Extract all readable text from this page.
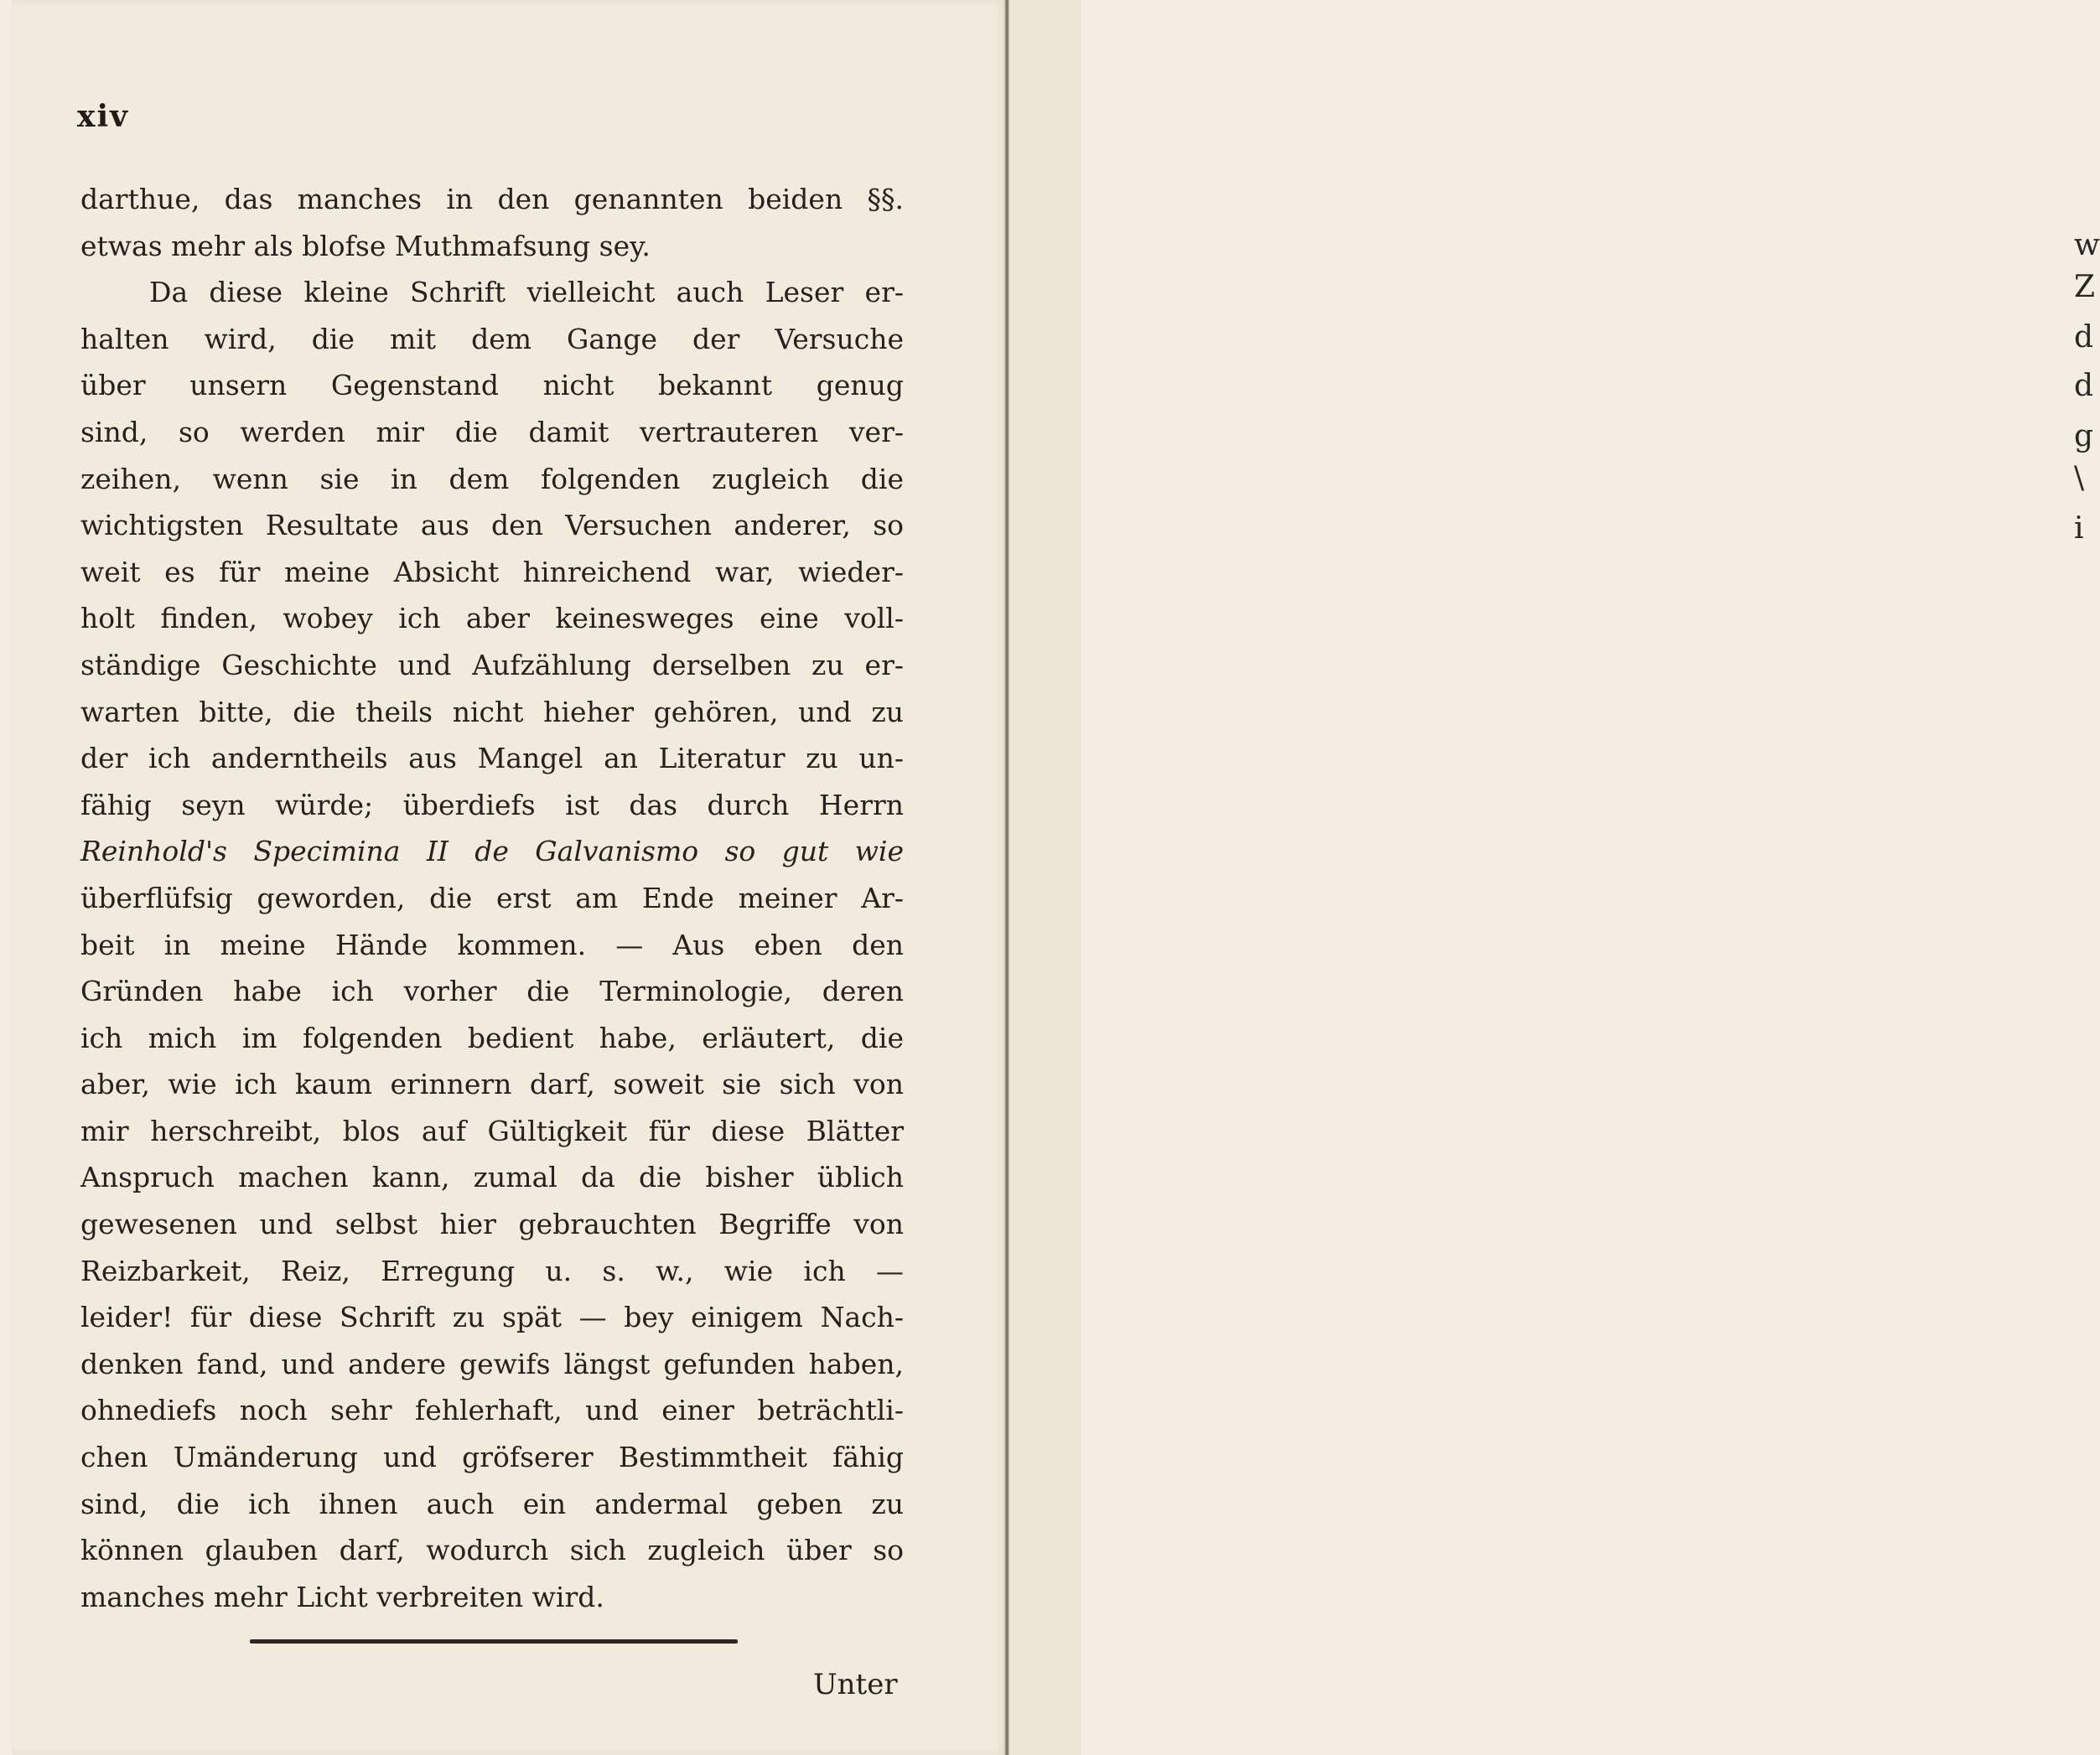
w
Z
d
d
g
\
i
xiv
darthue, das manches in den genannten beiden §§.
etwas mehr als blofse Muthmafsung sey.
Da diese kleine Schrift vielleicht auch Leser er-
halten wird, die mit dem Gange der Versuche
über unsern Gegenstand nicht bekannt genug
sind, so werden mir die damit vertrauteren ver-
zeihen, wenn sie in dem folgenden zugleich die
wichtigsten Resultate aus den Versuchen anderer, so
weit es für meine Absicht hinreichend war, wieder-
holt finden, wobey ich aber keinesweges eine voll-
ständige Geschichte und Aufzählung derselben zu er-
warten bitte, die theils nicht hieher gehören, und zu
der ich anderntheils aus Mangel an Literatur zu un-
fähig seyn würde; überdiefs ist das durch Herrn
Reinhold's Specimina II de Galvanismo so gut wie
überflüfsig geworden, die erst am Ende meiner Ar-
beit in meine Hände kommen. — Aus eben den
Gründen habe ich vorher die Terminologie, deren
ich mich im folgenden bedient habe, erläutert, die
aber, wie ich kaum erinnern darf, soweit sie sich von
mir herschreibt, blos auf Gültigkeit für diese Blätter
Anspruch machen kann, zumal da die bisher üblich
gewesenen und selbst hier gebrauchten Begriffe von
Reizbarkeit, Reiz, Erregung u. s. w., wie ich —
leider! für diese Schrift zu spät — bey einigem Nach-
denken fand, und andere gewifs längst gefunden haben,
ohnediefs noch sehr fehlerhaft, und einer beträchtli-
chen Umänderung und gröfserer Bestimmtheit fähig
sind, die ich ihnen auch ein andermal geben zu
können glauben darf, wodurch sich zugleich über so
manches mehr Licht verbreiten wird.
Unter
